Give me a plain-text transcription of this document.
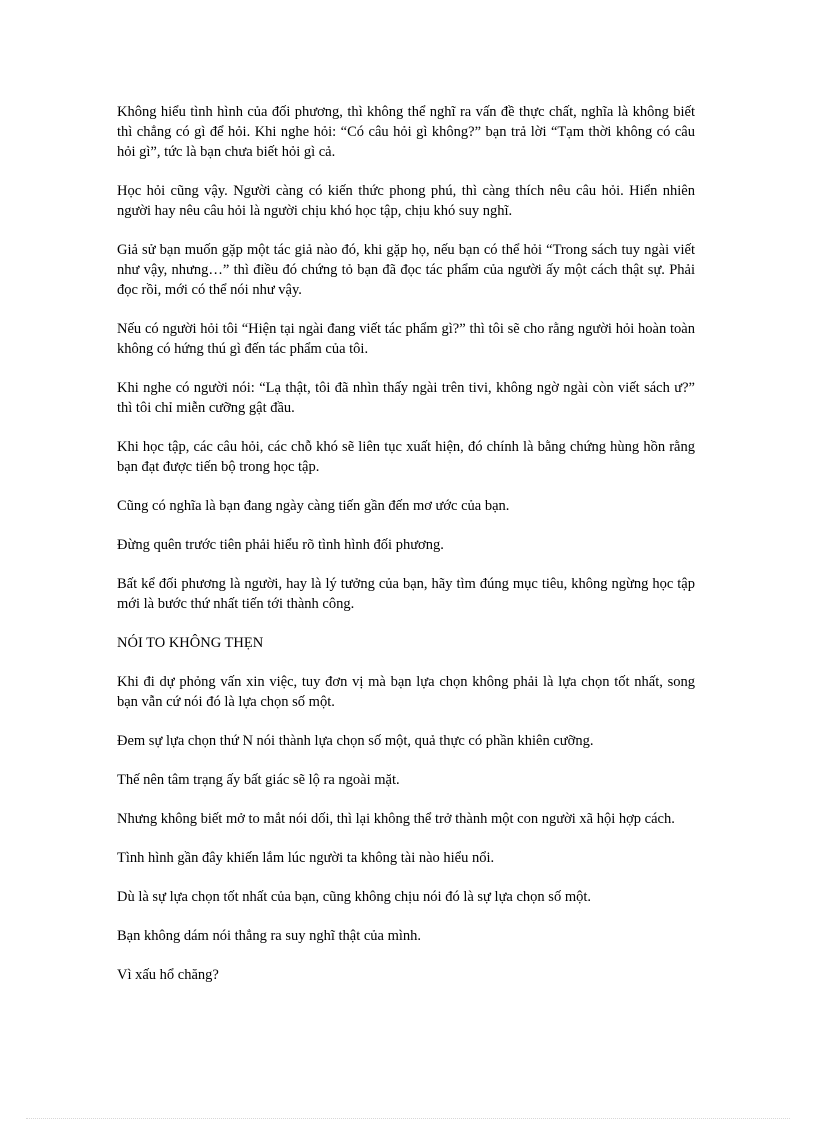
Không hiểu tình hình của đối phương, thì không thể nghĩ ra vấn đề thực chất, nghĩa là không biết thì chẳng có gì để hỏi. Khi nghe hỏi: “Có câu hỏi gì không?” bạn trả lời “Tạm thời không có câu hỏi gì”, tức là bạn chưa biết hỏi gì cả.

Học hỏi cũng vậy. Người càng có kiến thức phong phú, thì càng thích nêu câu hỏi. Hiển nhiên người hay nêu câu hỏi là người chịu khó học tập, chịu khó suy nghĩ.

Giả sử bạn muốn gặp một tác giả nào đó, khi gặp họ, nếu bạn có thể hỏi “Trong sách tuy ngài viết như vậy, nhưng…” thì điều đó chứng tỏ bạn đã đọc tác phẩm của người ấy một cách thật sự. Phải đọc rồi, mới có thể nói như vậy.

Nếu có người hỏi tôi “Hiện tại ngài đang viết tác phẩm gì?” thì tôi sẽ cho rằng người hỏi hoàn toàn không có hứng thú gì đến tác phẩm của tôi.

Khi nghe có người nói: “Lạ thật, tôi đã nhìn thấy ngài trên tivi, không ngờ ngài còn viết sách ư?” thì tôi chỉ miễn cưỡng gật đầu.

Khi học tập, các câu hỏi, các chỗ khó sẽ liên tục xuất hiện, đó chính là bằng chứng hùng hồn rằng bạn đạt được tiến bộ trong học tập.

Cũng có nghĩa là bạn đang ngày càng tiến gần đến mơ ước của bạn.

Đừng quên trước tiên phải hiểu rõ tình hình đối phương.

Bất kể đối phương là người, hay là lý tưởng của bạn, hãy tìm đúng mục tiêu, không ngừng học tập mới là bước thứ nhất tiến tới thành công.

NÓI TO KHÔNG THẸN

Khi đi dự phỏng vấn xin việc, tuy đơn vị mà bạn lựa chọn không phải là lựa chọn tốt nhất, song bạn vẫn cứ nói đó là lựa chọn số một.

Đem sự lựa chọn thứ N nói thành lựa chọn số một, quả thực có phần khiên cưỡng.

Thế nên tâm trạng ấy bất giác sẽ lộ ra ngoài mặt.

Nhưng không biết mở to mắt nói dối, thì lại không thể trở thành một con người xã hội hợp cách.

Tình hình gần đây khiến lắm lúc người ta không tài nào hiểu nổi.

Dù là sự lựa chọn tốt nhất của bạn, cũng không chịu nói đó là sự lựa chọn số một.

Bạn không dám nói thẳng ra suy nghĩ thật của mình.

Vì xấu hổ chăng?
